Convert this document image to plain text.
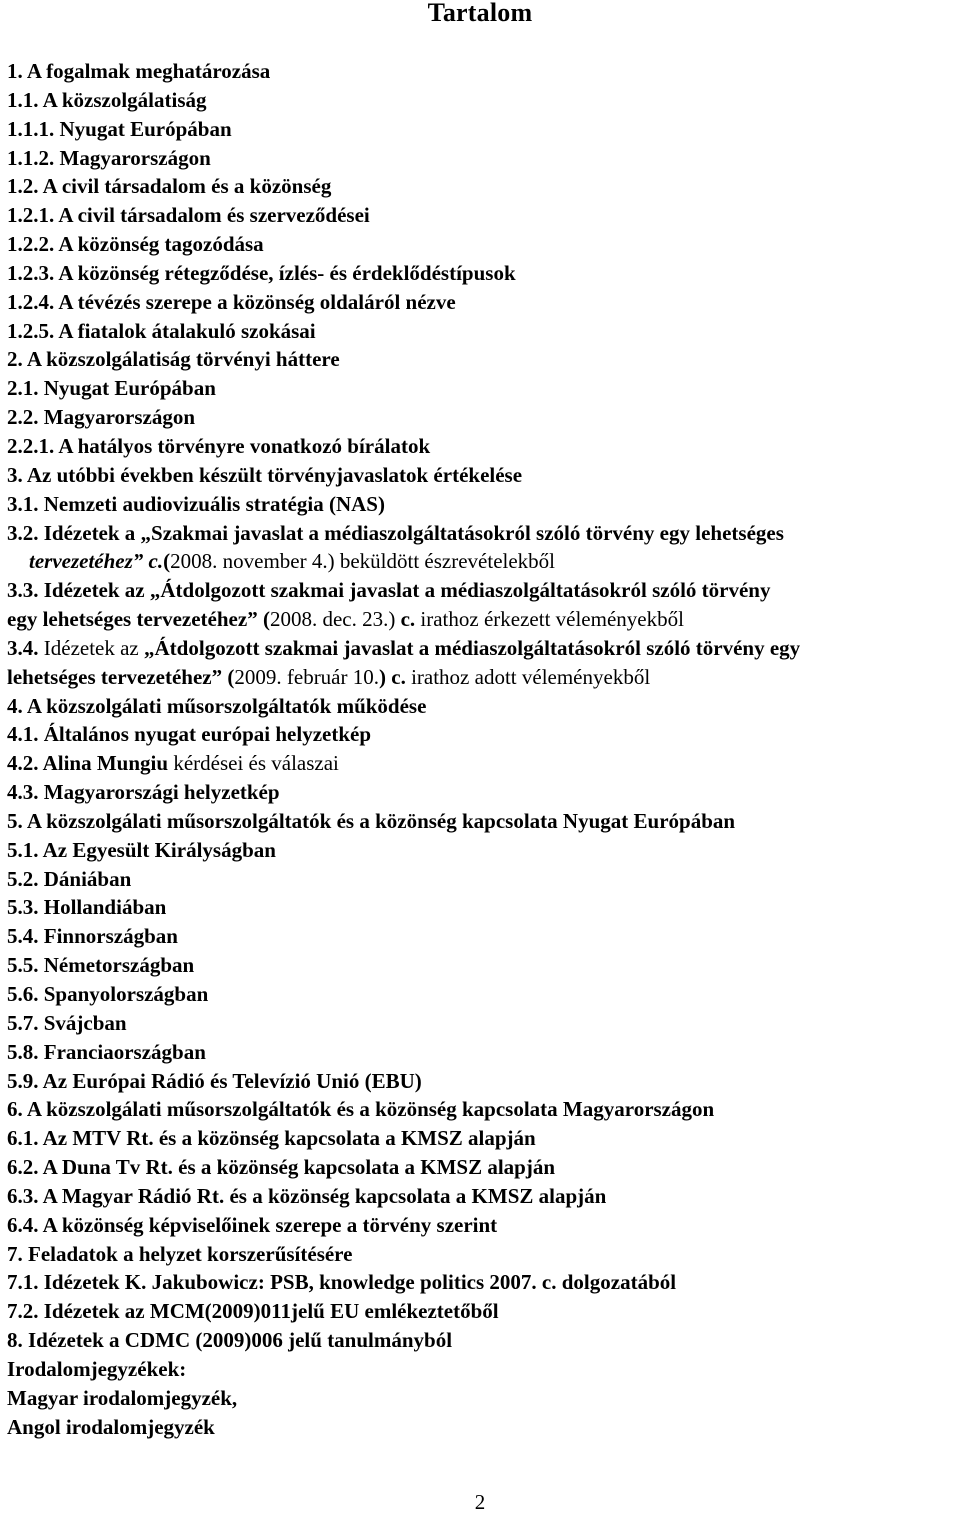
Tartalom
1. A fogalmak meghatározása
1.1. A közszolgálatiság
1.1.1. Nyugat Európában
1.1.2. Magyarországon
1.2. A civil társadalom és a közönség
1.2.1. A civil társadalom és szerveződései
1.2.2. A közönség tagozódása
1.2.3. A közönség rétegződése, ízlés- és érdeklődéstípusok
1.2.4. A tévézés szerepe a közönség oldaláról nézve
1.2.5. A fiatalok átalakuló szokásai
2. A közszolgálatiság törvényi háttere
2.1. Nyugat Európában
2.2. Magyarországon
2.2.1. A hatályos törvényre vonatkozó bírálatok
3. Az utóbbi években készült törvényjavaslatok értékelése
3.1. Nemzeti audiovizuális stratégia (NAS)
3.2. Idézetek a „Szakmai javaslat a médiaszolgáltatásokról szóló törvény egy lehetséges
tervezetéhez” c.(2008. november 4.) beküldött észrevételekből
3.3. Idézetek az „Átdolgozott szakmai javaslat a médiaszolgáltatásokról szóló törvény
egy lehetséges tervezetéhez” (2008. dec. 23.) c. irathoz érkezett véleményekből
3.4. Idézetek az „Átdolgozott szakmai javaslat a médiaszolgáltatásokról szóló törvény egy
lehetséges tervezetéhez” (2009. február 10.) c. irathoz adott véleményekből
4. A közszolgálati műsorszolgáltatók működése
4.1. Általános nyugat európai helyzetkép
4.2. Alina Mungiu kérdései és válaszai
4.3. Magyarországi helyzetkép
5. A közszolgálati műsorszolgáltatók és a közönség kapcsolata Nyugat Európában
5.1. Az Egyesült Királyságban
5.2. Dániában
5.3. Hollandiában
5.4. Finnországban
5.5. Németországban
5.6. Spanyolországban
5.7. Svájcban
5.8. Franciaországban
5.9. Az Európai Rádió és Televízió Unió (EBU)
6. A közszolgálati műsorszolgáltatók és a közönség kapcsolata Magyarországon
6.1. Az MTV Rt. és a közönség kapcsolata a KMSZ alapján
6.2. A Duna Tv Rt. és a közönség kapcsolata a KMSZ alapján
6.3. A Magyar Rádió Rt. és a közönség kapcsolata a KMSZ alapján
6.4. A közönség képviselőinek szerepe a törvény szerint
7. Feladatok a helyzet korszerűsítésére
7.1. Idézetek K. Jakubowicz: PSB, knowledge politics 2007. c. dolgozatából
7.2. Idézetek az MCM(2009)011jelű EU emlékeztetőből
8. Idézetek a CDMC (2009)006 jelű tanulmányból
Irodalomjegyzékek:
Magyar irodalomjegyzék,
Angol irodalomjegyzék
2
